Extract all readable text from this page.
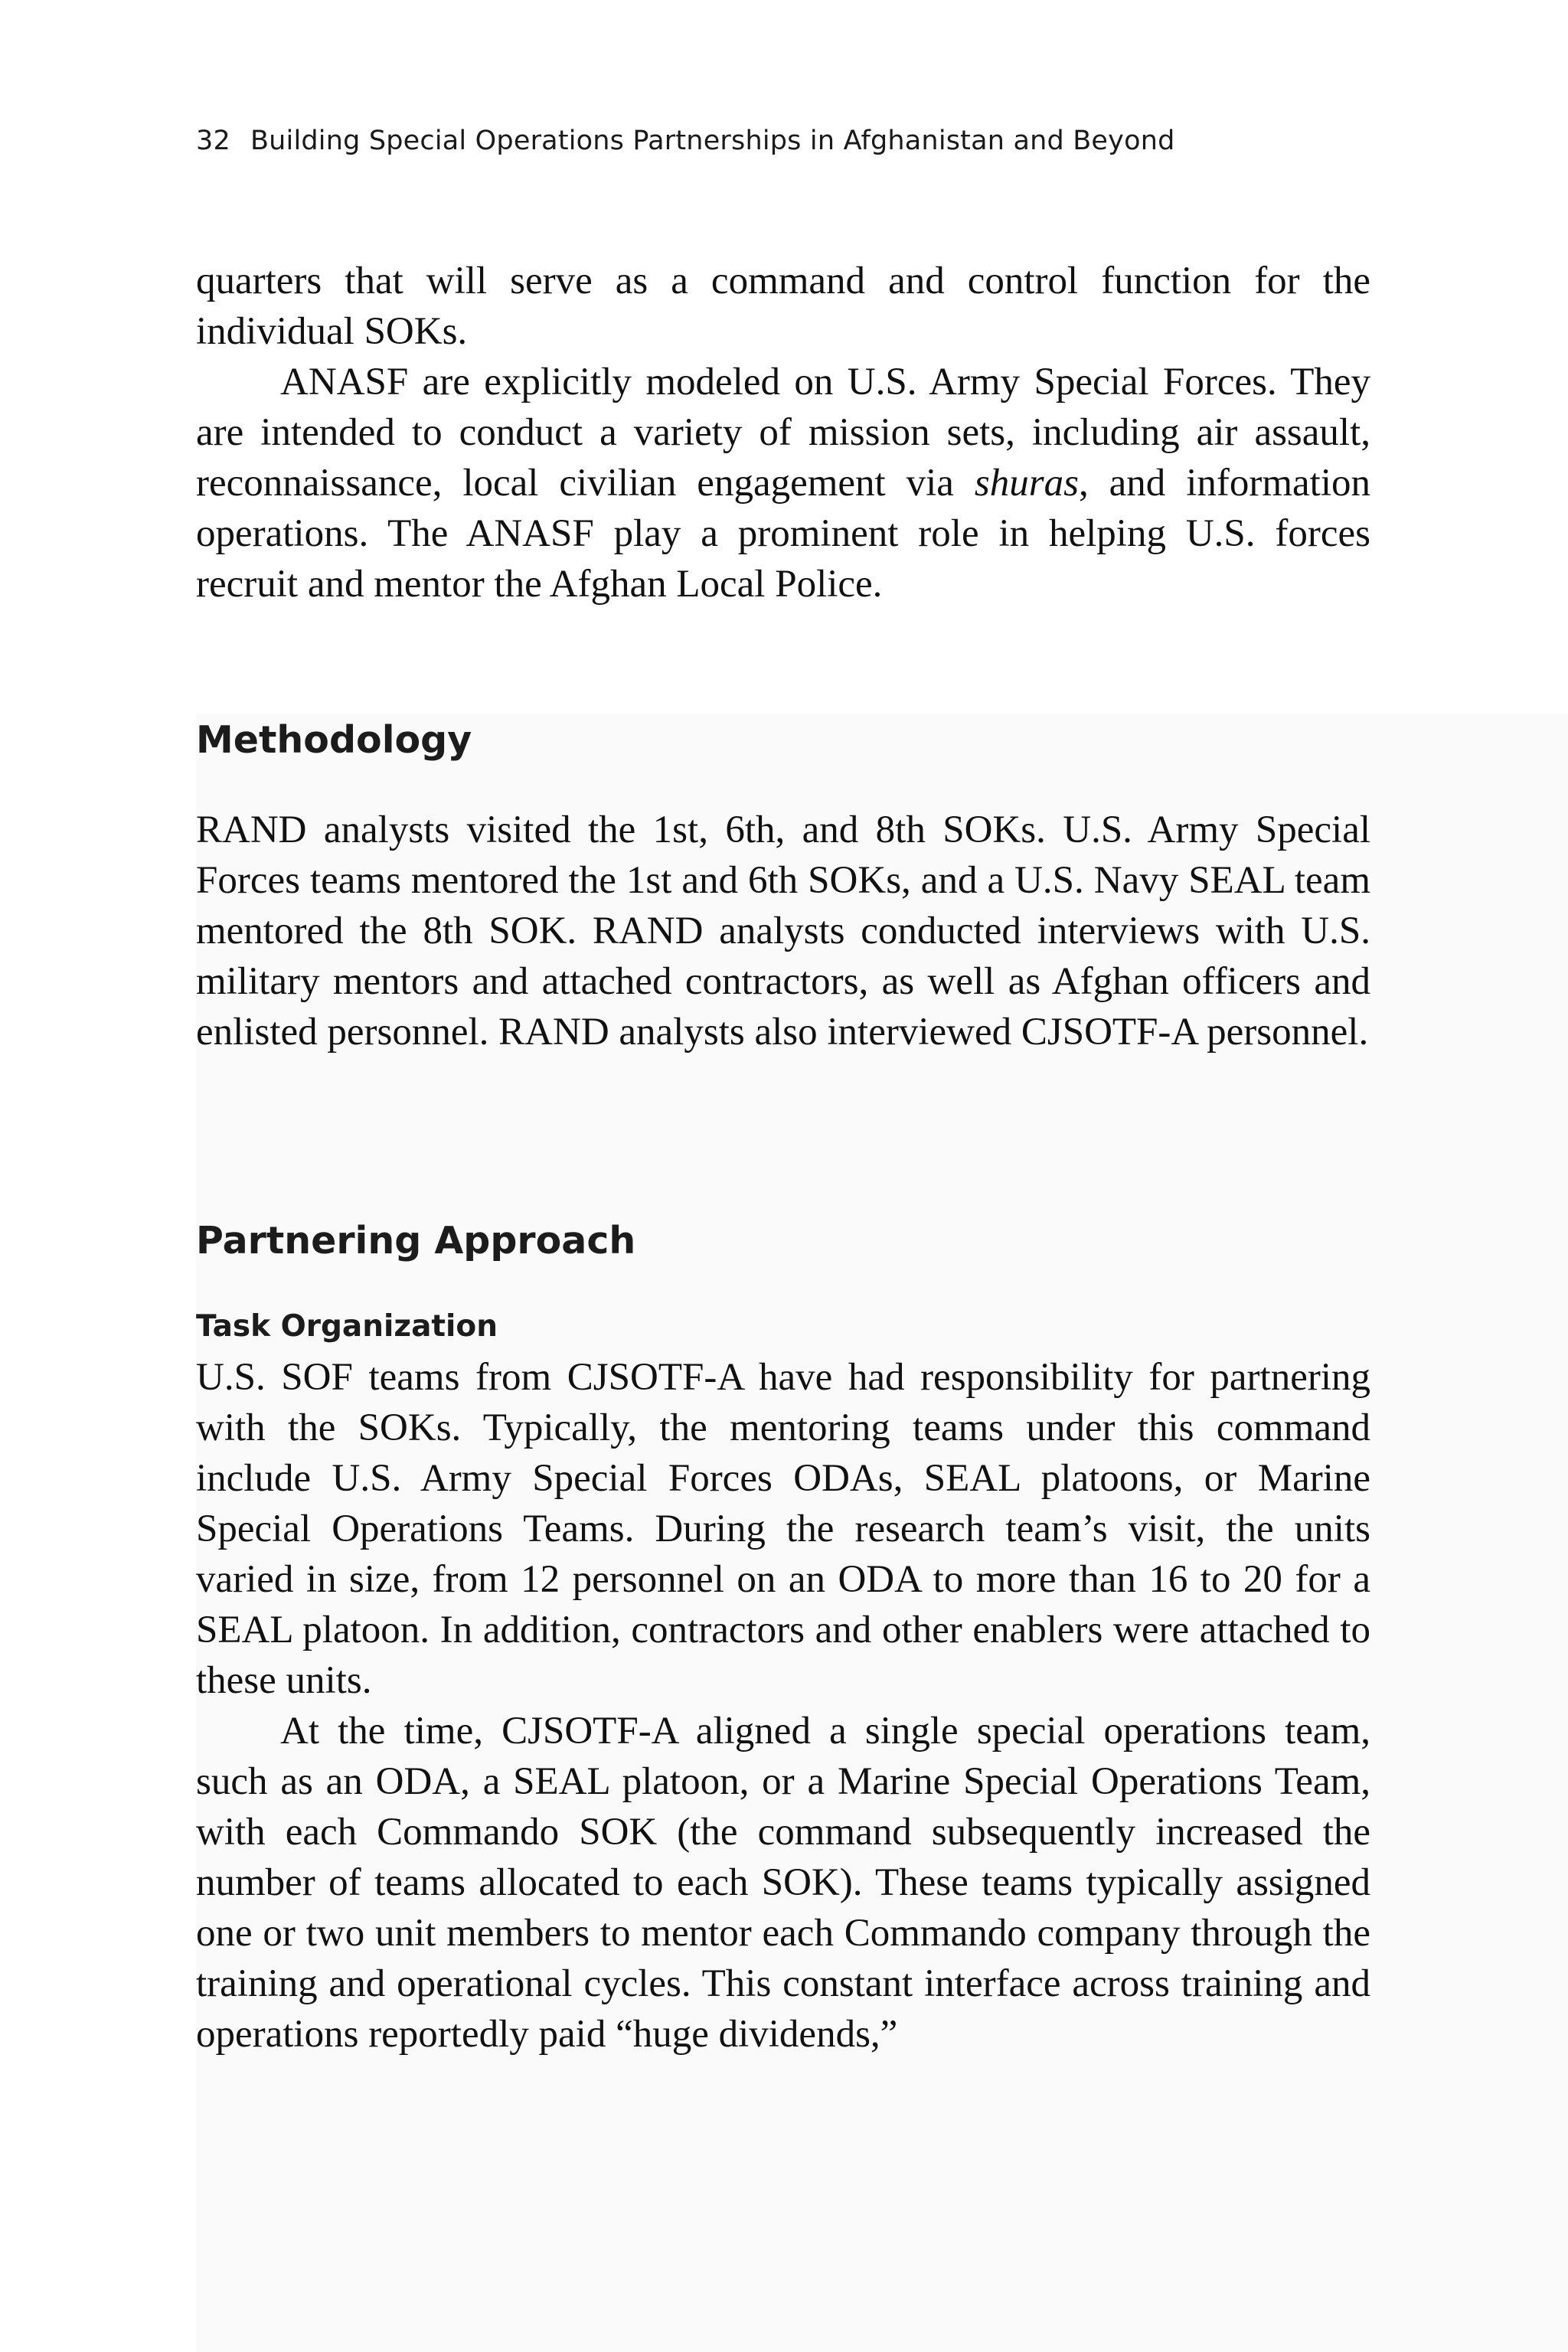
32 Building Special Operations Partnerships in Afghanistan and Beyond

quarters that will serve as a command and control function for the individual SOKs.

ANASF are explicitly modeled on U.S. Army Special Forces. They are intended to conduct a variety of mission sets, including air assault, reconnaissance, local civilian engagement via shuras, and information operations. The ANASF play a prominent role in helping U.S. forces recruit and mentor the Afghan Local Police.

Methodology

RAND analysts visited the 1st, 6th, and 8th SOKs. U.S. Army Special Forces teams mentored the 1st and 6th SOKs, and a U.S. Navy SEAL team mentored the 8th SOK. RAND analysts conducted interviews with U.S. military mentors and attached contractors, as well as Afghan officers and enlisted personnel. RAND analysts also interviewed CJSOTF-A personnel.

Partnering Approach
Task Organization

U.S. SOF teams from CJSOTF-A have had responsibility for partnering with the SOKs. Typically, the mentoring teams under this command include U.S. Army Special Forces ODAs, SEAL platoons, or Marine Special Operations Teams. During the research team’s visit, the units varied in size, from 12 personnel on an ODA to more than 16 to 20 for a SEAL platoon. In addition, contractors and other enablers were attached to these units.

At the time, CJSOTF-A aligned a single special operations team, such as an ODA, a SEAL platoon, or a Marine Special Operations Team, with each Commando SOK (the command subsequently increased the number of teams allocated to each SOK). These teams typically assigned one or two unit members to mentor each Commando company through the training and operational cycles. This constant interface across training and operations reportedly paid “huge dividends,”
